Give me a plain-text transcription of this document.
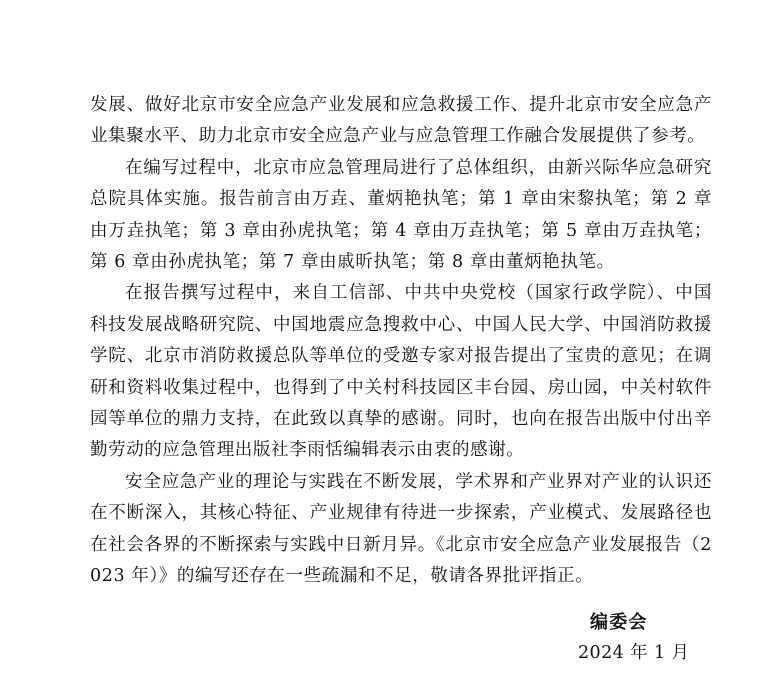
发展、做好北京市安全应急产业发展和应急救援工作、提升北京市安全应急产业集聚水平、助力北京市安全应急产业与应急管理工作融合发展提供了参考。

在编写过程中，北京市应急管理局进行了总体组织，由新兴际华应急研究总院具体实施。报告前言由万垚、董炳艳执笔；第 1 章由宋黎执笔；第 2 章由万垚执笔；第 3 章由孙虎执笔；第 4 章由万垚执笔；第 5 章由万垚执笔；第 6 章由孙虎执笔；第 7 章由戚昕执笔；第 8 章由董炳艳执笔。

在报告撰写过程中，来自工信部、中共中央党校（国家行政学院）、中国科技发展战略研究院、中国地震应急搜救中心、中国人民大学、中国消防救援学院、北京市消防救援总队等单位的受邀专家对报告提出了宝贵的意见；在调研和资料收集过程中，也得到了中关村科技园区丰台园、房山园，中关村软件园等单位的鼎力支持，在此致以真挚的感谢。同时，也向在报告出版中付出辛勤劳动的应急管理出版社李雨恬编辑表示由衷的感谢。

安全应急产业的理论与实践在不断发展，学术界和产业界对产业的认识还在不断深入，其核心特征、产业规律有待进一步探索，产业模式、发展路径也在社会各界的不断探索与实践中日新月异。《北京市安全应急产业发展报告（2023 年）》的编写还存在一些疏漏和不足，敬请各界批评指正。

编委会
2024 年 1 月
